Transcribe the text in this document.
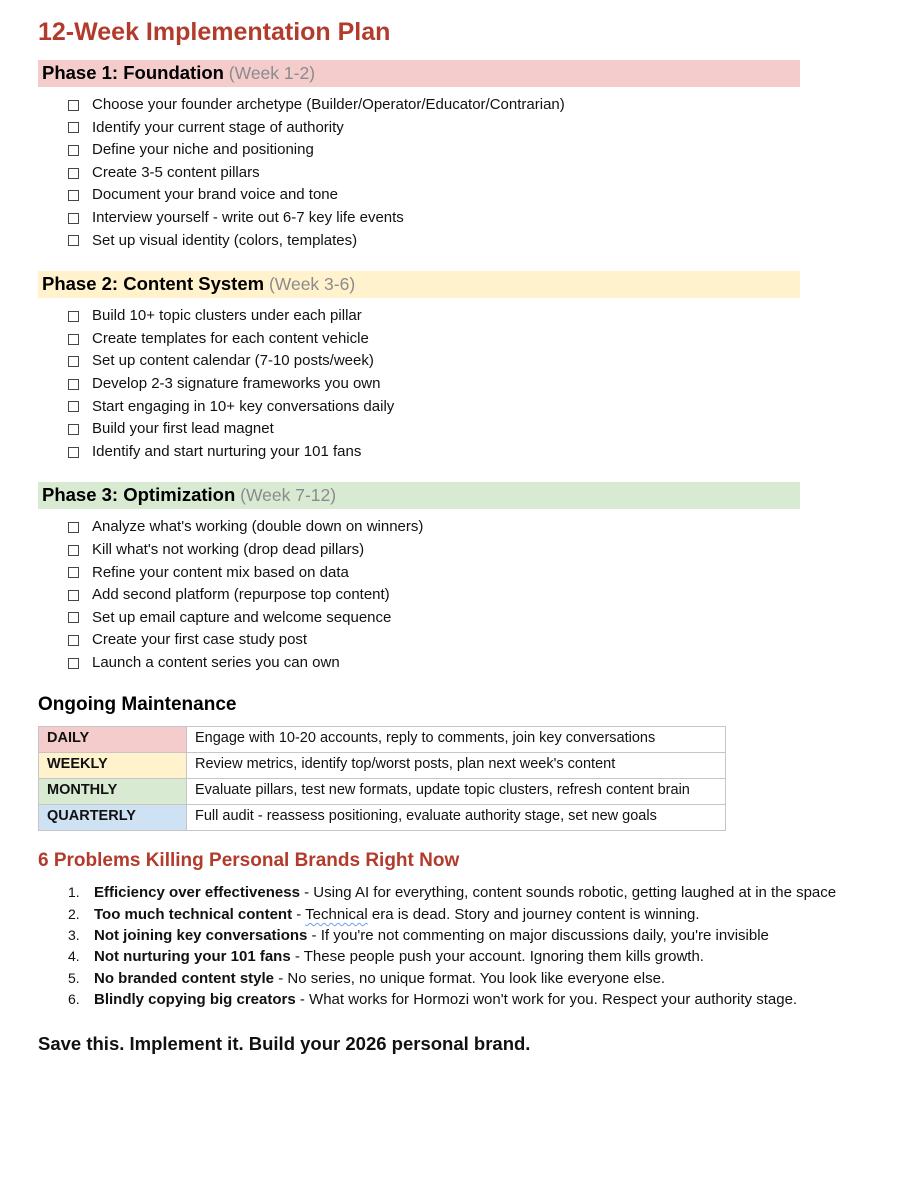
12-Week Implementation Plan
Phase 1: Foundation (Week 1-2)
Choose your founder archetype (Builder/Operator/Educator/Contrarian)
Identify your current stage of authority
Define your niche and positioning
Create 3-5 content pillars
Document your brand voice and tone
Interview yourself - write out 6-7 key life events
Set up visual identity (colors, templates)
Phase 2: Content System (Week 3-6)
Build 10+ topic clusters under each pillar
Create templates for each content vehicle
Set up content calendar (7-10 posts/week)
Develop 2-3 signature frameworks you own
Start engaging in 10+ key conversations daily
Build your first lead magnet
Identify and start nurturing your 101 fans
Phase 3: Optimization (Week 7-12)
Analyze what's working (double down on winners)
Kill what's not working (drop dead pillars)
Refine your content mix based on data
Add second platform (repurpose top content)
Set up email capture and welcome sequence
Create your first case study post
Launch a content series you can own
Ongoing Maintenance
DAILY	Engage with 10-20 accounts, reply to comments, join key conversations
WEEKLY	Review metrics, identify top/worst posts, plan next week's content
MONTHLY	Evaluate pillars, test new formats, update topic clusters, refresh content brain
QUARTERLY	Full audit - reassess positioning, evaluate authority stage, set new goals
6 Problems Killing Personal Brands Right Now
1. Efficiency over effectiveness - Using AI for everything, content sounds robotic, getting laughed at in the space
2. Too much technical content - Technical era is dead. Story and journey content is winning.
3. Not joining key conversations - If you're not commenting on major discussions daily, you're invisible
4. Not nurturing your 101 fans - These people push your account. Ignoring them kills growth.
5. No branded content style - No series, no unique format. You look like everyone else.
6. Blindly copying big creators - What works for Hormozi won't work for you. Respect your authority stage.

Save this. Implement it. Build your 2026 personal brand.
